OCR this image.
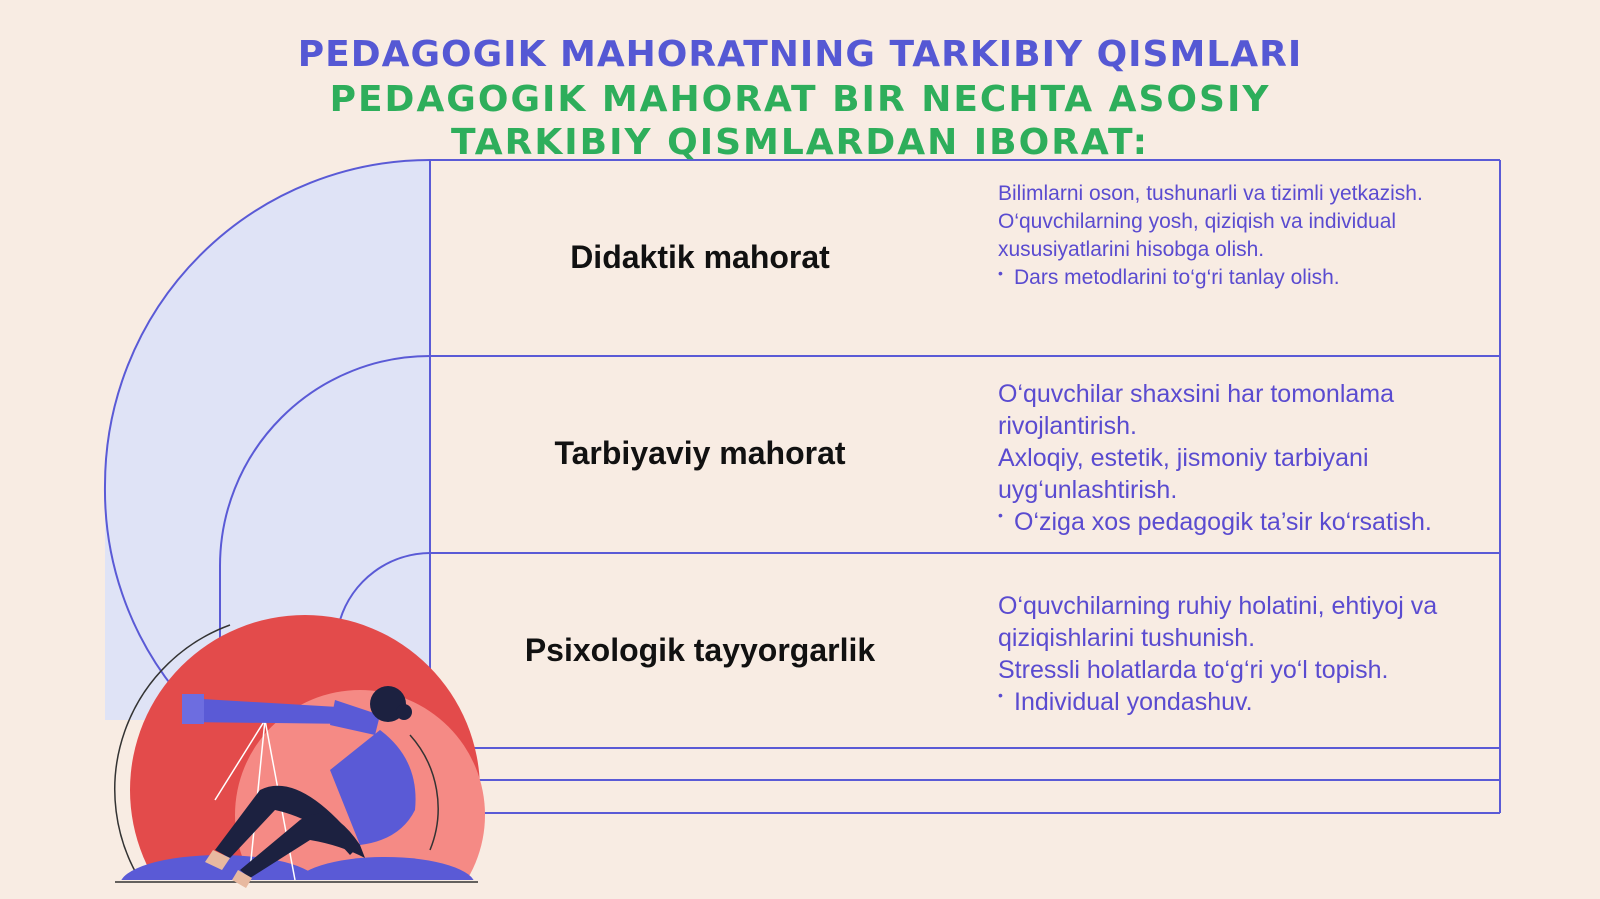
PEDAGOGIK MAHORATNING TARKIBIY QISMLARI
PEDAGOGIK MAHORAT BIR NECHTA ASOSIY TARKIBIY QISMLARDAN IBORAT:
Didaktik mahorat

Bilimlarni oson, tushunarli va tizimli yetkazish.

O‘quvchilarning yosh, qiziqish va individual xususiyatlarini hisobga olish.

• Dars metodlarini to‘g‘ri tanlay olish.
Tarbiyaviy mahorat

O‘quvchilar shaxsini har tomonlama rivojlantirish.

Axloqiy, estetik, jismoniy tarbiyani uyg‘unlashtirish.

• O‘ziga xos pedagogik ta’sir ko‘rsatish.
Psixologik tayyorgarlik

O‘quvchilarning ruhiy holatini, ehtiyoj va qiziqishlarini tushunish.

Stressli holatlarda to‘g‘ri yo‘l topish.

• Individual yondashuv.
